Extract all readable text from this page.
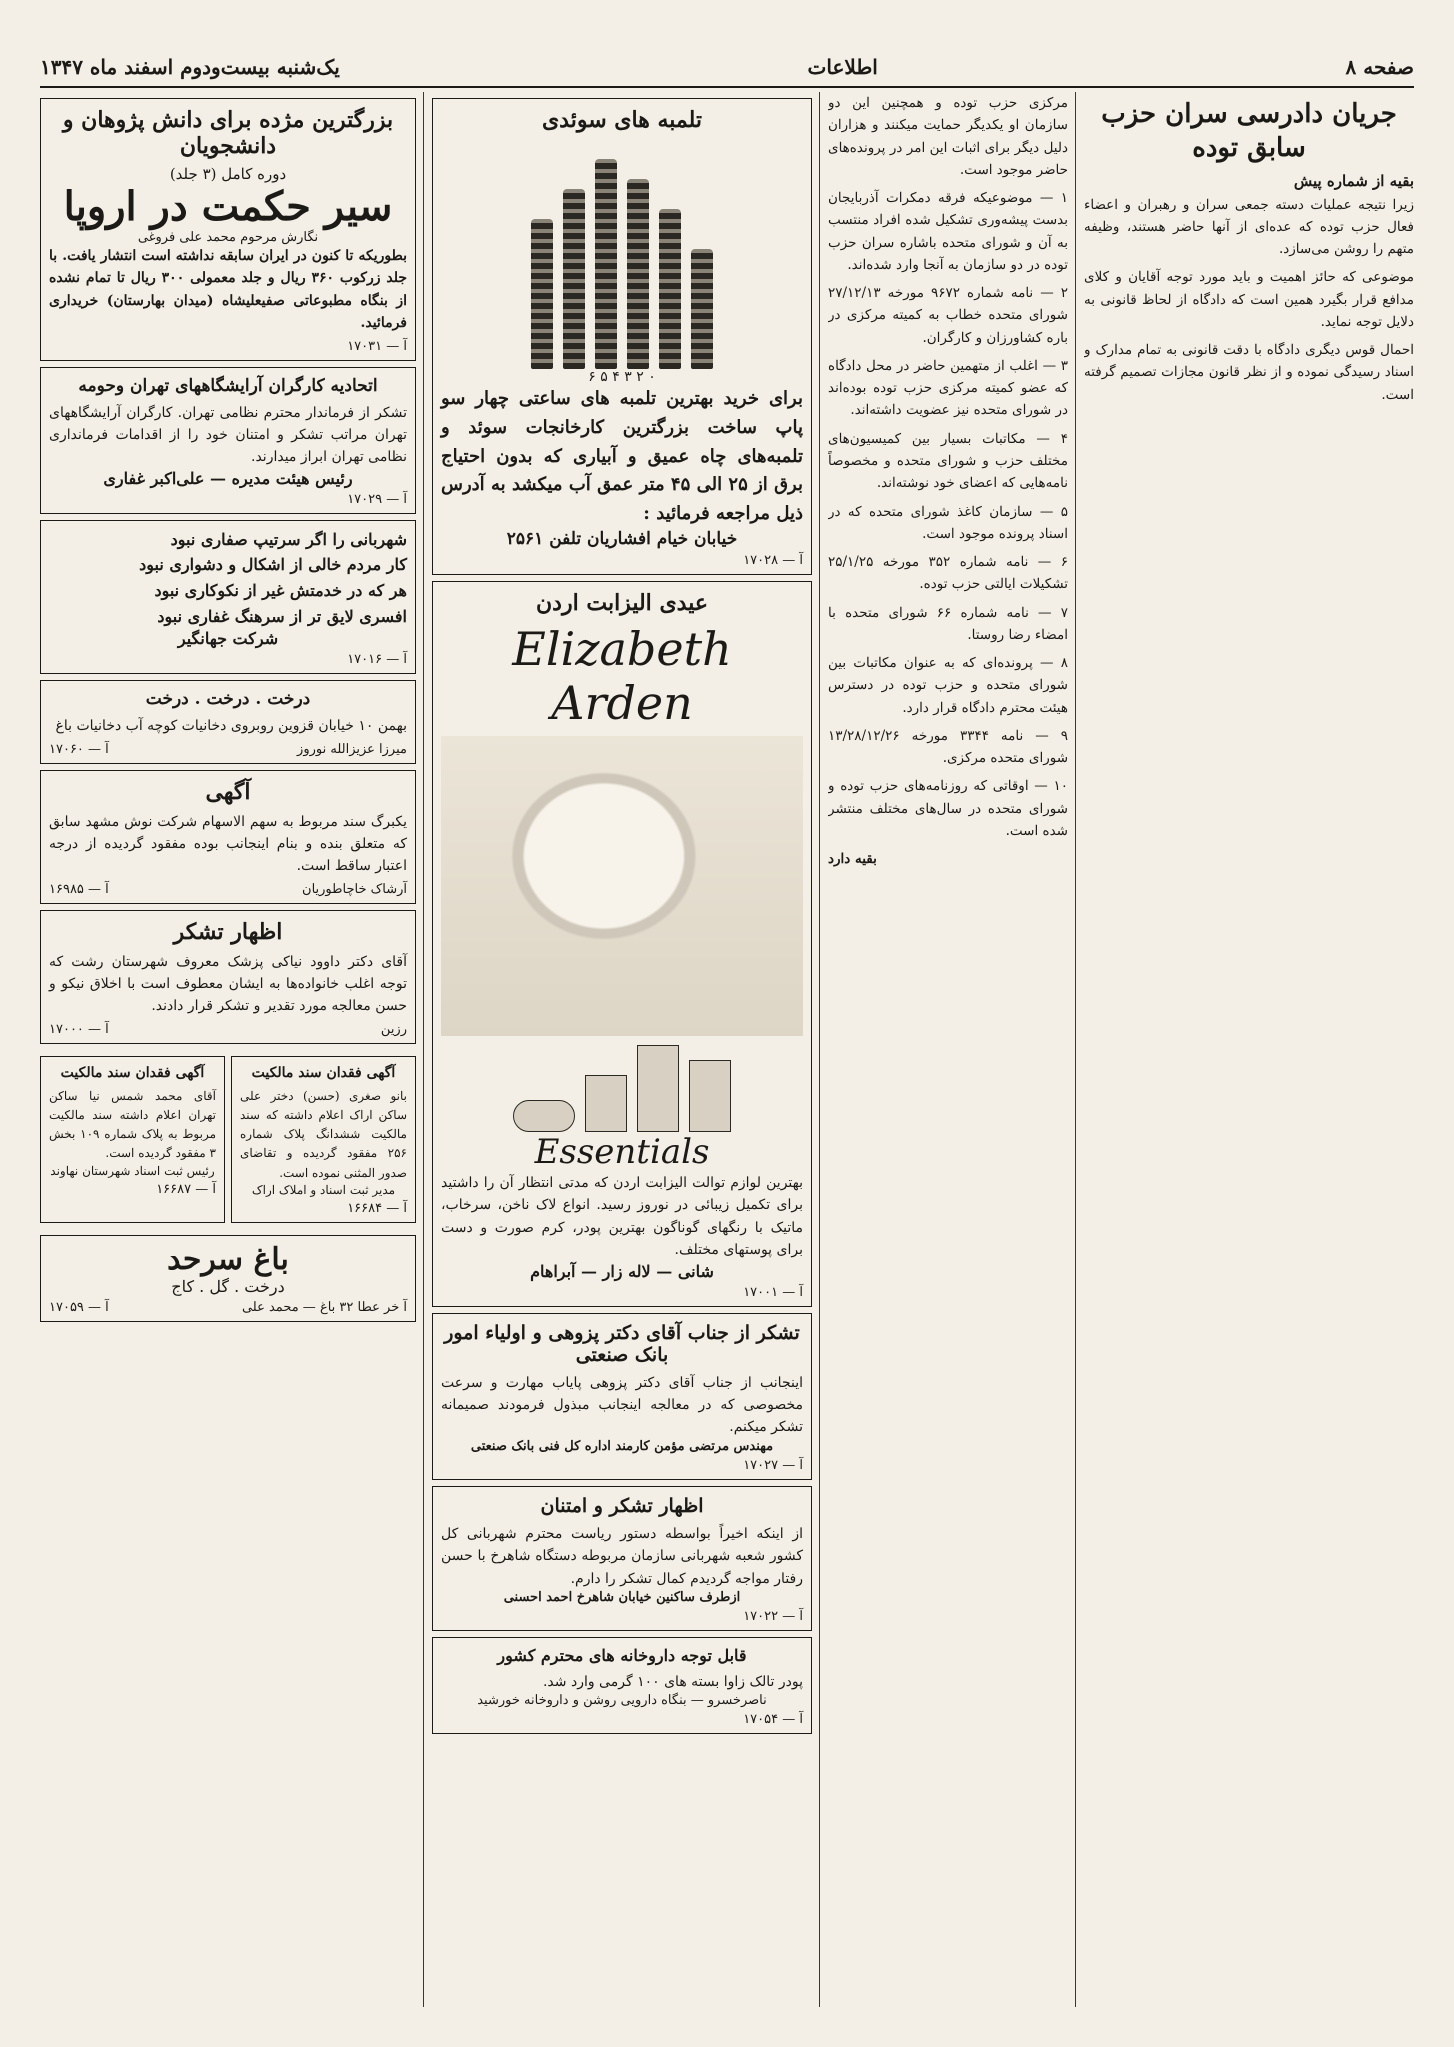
صفحه ۸
اطلاعات
یک‌شنبه بیست‌ودوم اسفند ماه ۱۳۴۷
جریان دادرسی سران حزب سابق توده
بقیه از شماره پیش

زیرا نتیجه عملیات دسته جمعی سران و رهبران و اعضاء فعال حزب توده که عده‌ای از آنها حاضر هستند، وظیفه متهم را روشن می‌سازد.

موضوعی که حائز اهمیت و باید مورد توجه آقایان و کلای مدافع قرار بگیرد همین است که دادگاه از لحاظ قانونی به دلایل توجه نماید.

احمال قوس دیگری دادگاه با دقت قانونی به تمام مدارک و اسناد رسیدگی نموده و از نظر قانون مجازات تصمیم گرفته است.

مرکزی حزب توده و همچنین این دو سازمان او یکدیگر حمایت میکنند و هزاران دلیل دیگر برای اثبات این امر در پرونده‌های حاضر موجود است.

۱ — موضوعیکه فرقه دمکرات آذربایجان بدست پیشه‌وری تشکیل شده افراد منتسب به آن و شورای متحده باشاره سران حزب توده در دو سازمان به آنجا وارد شده‌اند.

۲ — نامه شماره ۹۶۷۲ مورخه ۲۷/۱۲/۱۳ شورای متحده خطاب به کمیته مرکزی در باره کشاورزان و کارگران.

۳ — اغلب از متهمین حاضر در محل دادگاه که عضو کمیته مرکزی حزب توده بوده‌اند در شورای متحده نیز عضویت داشته‌اند.

۴ — مکاتبات بسیار بین کمیسیون‌های مختلف حزب و شورای متحده و مخصوصاً نامه‌هایی که اعضای خود نوشته‌اند.

۵ — سازمان کاغذ شورای متحده که در اسناد پرونده موجود است.

۶ — نامه شماره ۳۵۲ مورخه ۲۵/۱/۲۵ تشکیلات ایالتی حزب توده.

۷ — نامه شماره ۶۶ شورای متحده با امضاء رضا روستا.

۸ — پرونده‌ای که به عنوان مکاتبات بین شورای متحده و حزب توده در دسترس هیئت محترم دادگاه قرار دارد.

۹ — نامه ۳۳۴۴ مورخه ۱۳/۲۸/۱۲/۲۶ شورای متحده مرکزی.

۱۰ — اوقاتی که روزنامه‌های حزب توده و شورای متحده در سال‌های مختلف منتشر شده است.

بقیه دارد

تلمبه های سوئدی
۰ ۲ ۳ ۴ ۵ ۶
برای خرید بهترین تلمبه های ساعتی چهار سو پاپ ساخت بزرگترین کارخانجات سوئد و تلمبه‌های چاه عمیق و آبیاری که بدون احتیاج برق از ۲۵ الی ۴۵ متر عمق آب میکشد به آدرس ذیل مراجعه فرمائید :
خیابان خیام افشاریان تلفن ۲۵۶۱
آ — ۱۷۰۲۸
عیدی الیزابت اردن
Elizabeth Arden
Essentials
بهترین لوازم توالت الیزابت اردن که مدتی انتظار آن را داشتید برای تکمیل زیبائی در نوروز رسید. انواع لاک ناخن، سرخاب، ماتیک با رنگهای گوناگون بهترین پودر، کرم صورت و دست برای پوستهای مختلف.
شانی — لاله زار — آبراهام
آ — ۱۷۰۰۱
تشکر از جناب آقای دکتر پزوهی و اولیاء امور بانک صنعتی
اینجانب از جناب آقای دکتر پزوهی پایاب مهارت و سرعت مخصوصی که در معالجه اینجانب مبذول فرمودند صمیمانه تشکر میکنم.
مهندس مرتضی مؤمن کارمند اداره کل فنی بانک صنعتی
آ — ۱۷۰۲۷
اظهار تشکر و امتنان
از اینکه اخیراً بواسطه دستور ریاست محترم شهربانی کل کشور شعبه شهربانی سازمان مربوطه دستگاه شاهرخ با حسن رفتار مواجه گردیدم کمال تشکر را دارم.
ازطرف ساکنین خیابان شاهرخ احمد احسنی
آ — ۱۷۰۲۲
قابل توجه داروخانه های محترم کشور
پودر تالک زاوا بسته های ۱۰۰ گرمی وارد شد.
ناصرخسرو — بنگاه دارویی روشن و داروخانه خورشید
آ — ۱۷۰۵۴
بزرگترین مژده برای دانش پژوهان و دانشجویان
دوره کامل (۳ جلد)
سیر حکمت در اروپا
نگارش مرحوم محمد علی فروغی
بطوریکه تا کنون در ایران سابقه نداشته است انتشار یافت. با جلد زرکوب ۳۶۰ ریال و جلد معمولی ۳۰۰ ریال تا تمام نشده از بنگاه مطبوعاتی صفیعلیشاه (میدان بهارستان) خریداری فرمائید.
آ — ۱۷۰۳۱
اتحادیه کارگران آرایشگاههای تهران وحومه
تشکر از فرماندار محترم نظامی تهران. کارگران آرایشگاههای تهران مراتب تشکر و امتنان خود را از اقدامات فرمانداری نظامی تهران ابراز میدارند.
رئیس هیئت مدیره — علی‌اکبر غفاری
آ — ۱۷۰۲۹
شهربانی را اگر سرتیپ صفاری نبود
کار مردم خالی از اشکال و دشواری نبود
هر که در خدمتش غیر از نکوکاری نبود
افسری لایق تر از سرهنگ غفاری نبود
شرکت جهانگیر
آ — ۱۷۰۱۶
درخت . درخت . درخت
بهمن ۱۰ خیابان قزوین روبروی دخانیات کوچه آب دخانیات باغ
میرزا عزیزالله نوروز
آ — ۱۷۰۶۰
آگهی
یکبرگ سند مربوط به سهم الاسهام شرکت نوش مشهد سابق که متعلق بنده و بنام اینجانب بوده مفقود گردیده از درجه اعتبار ساقط است.
آرشاک خاچاطوریان
آ — ۱۶۹۸۵
اظهار تشکر
آقای دکتر داوود نیاکی پزشک معروف شهرستان رشت که توجه اغلب خانواده‌ها به ایشان معطوف است با اخلاق نیکو و حسن معالجه مورد تقدیر و تشکر قرار دادند.
رزین
آ — ۱۷۰۰۰
آگهی فقدان سند مالکیت
بانو صغری (حسن) دختر علی ساکن اراک اعلام داشته که سند مالکیت ششدانگ پلاک شماره ۲۵۶ مفقود گردیده و تقاضای صدور المثنی نموده است.
مدیر ثبت اسناد و املاک اراک
آ — ۱۶۶۸۴
آگهی فقدان سند مالکیت
آقای محمد شمس نیا ساکن تهران اعلام داشته سند مالکیت مربوط به پلاک شماره ۱۰۹ بخش ۳ مفقود گردیده است.
رئیس ثبت اسناد شهرستان نهاوند
آ — ۱۶۶۸۷
باغ سرحد
درخت . گل . کاج
آ خر عطا ۳۲ باغ — محمد علی
آ — ۱۷۰۵۹
